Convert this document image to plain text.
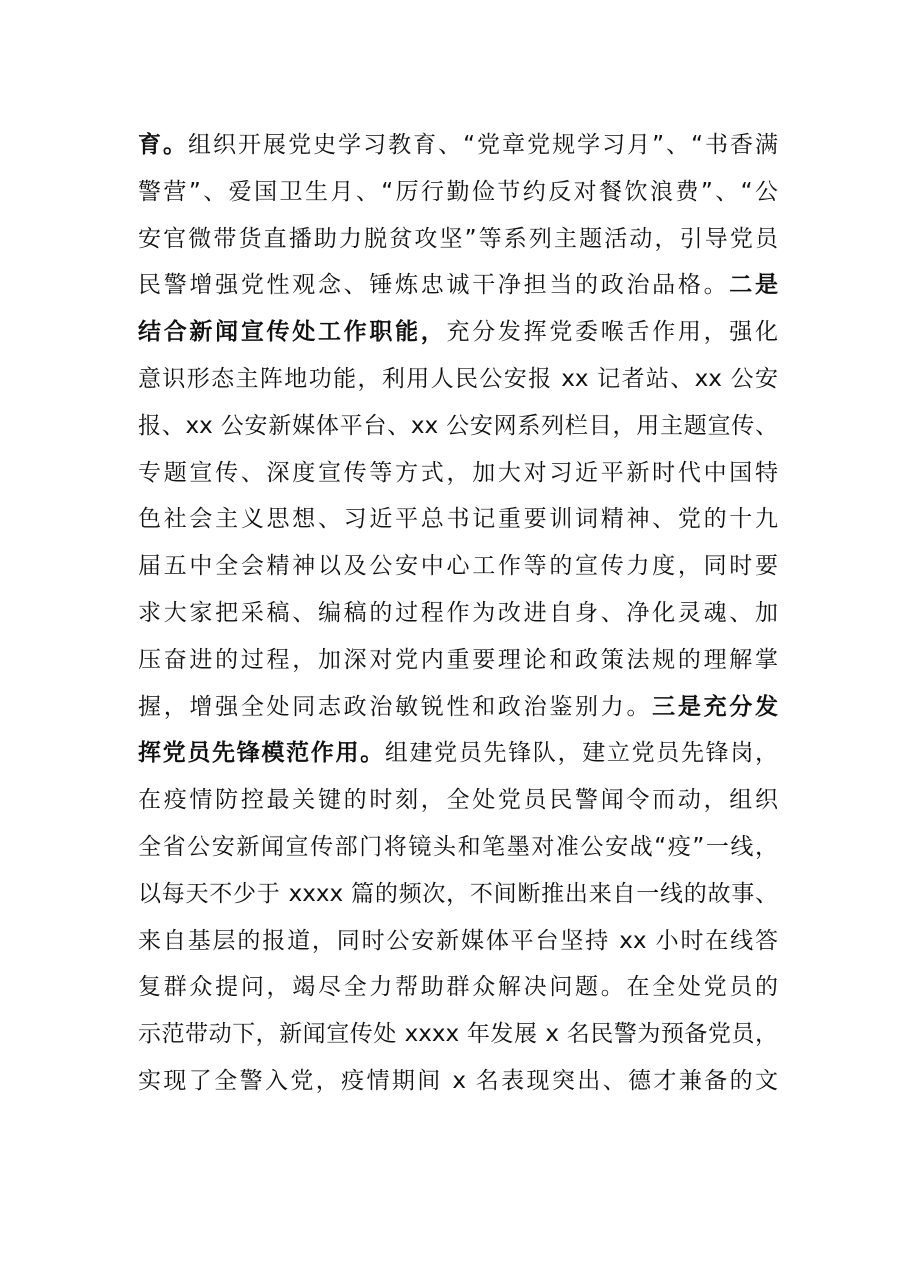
育。组织开展党史学习教育、“党章党规学习月”、“书香满
警营”、爱国卫生月、“厉行勤俭节约反对餐饮浪费”、“公
安官微带货直播助力脱贫攻坚”等系列主题活动，引导党员
民警增强党性观念、锤炼忠诚干净担当的政治品格。二是
结合新闻宣传处工作职能，充分发挥党委喉舌作用，强化
意识形态主阵地功能，利用人民公安报 xx 记者站、xx 公安
报、xx 公安新媒体平台、xx 公安网系列栏目，用主题宣传、
专题宣传、深度宣传等方式，加大对习近平新时代中国特
色社会主义思想、习近平总书记重要训词精神、党的十九
届五中全会精神以及公安中心工作等的宣传力度，同时要
求大家把采稿、编稿的过程作为改进自身、净化灵魂、加
压奋进的过程，加深对党内重要理论和政策法规的理解掌
握，增强全处同志政治敏锐性和政治鉴别力。三是充分发
挥党员先锋模范作用。组建党员先锋队，建立党员先锋岗，
在疫情防控最关键的时刻，全处党员民警闻令而动，组织
全省公安新闻宣传部门将镜头和笔墨对准公安战“疫”一线，
以每天不少于 xxxx 篇的频次，不间断推出来自一线的故事、
来自基层的报道，同时公安新媒体平台坚持 xx 小时在线答
复群众提问，竭尽全力帮助群众解决问题。在全处党员的
示范带动下，新闻宣传处 xxxx 年发展 x 名民警为预备党员，
实现了全警入党，疫情期间 x 名表现突出、德才兼备的文
